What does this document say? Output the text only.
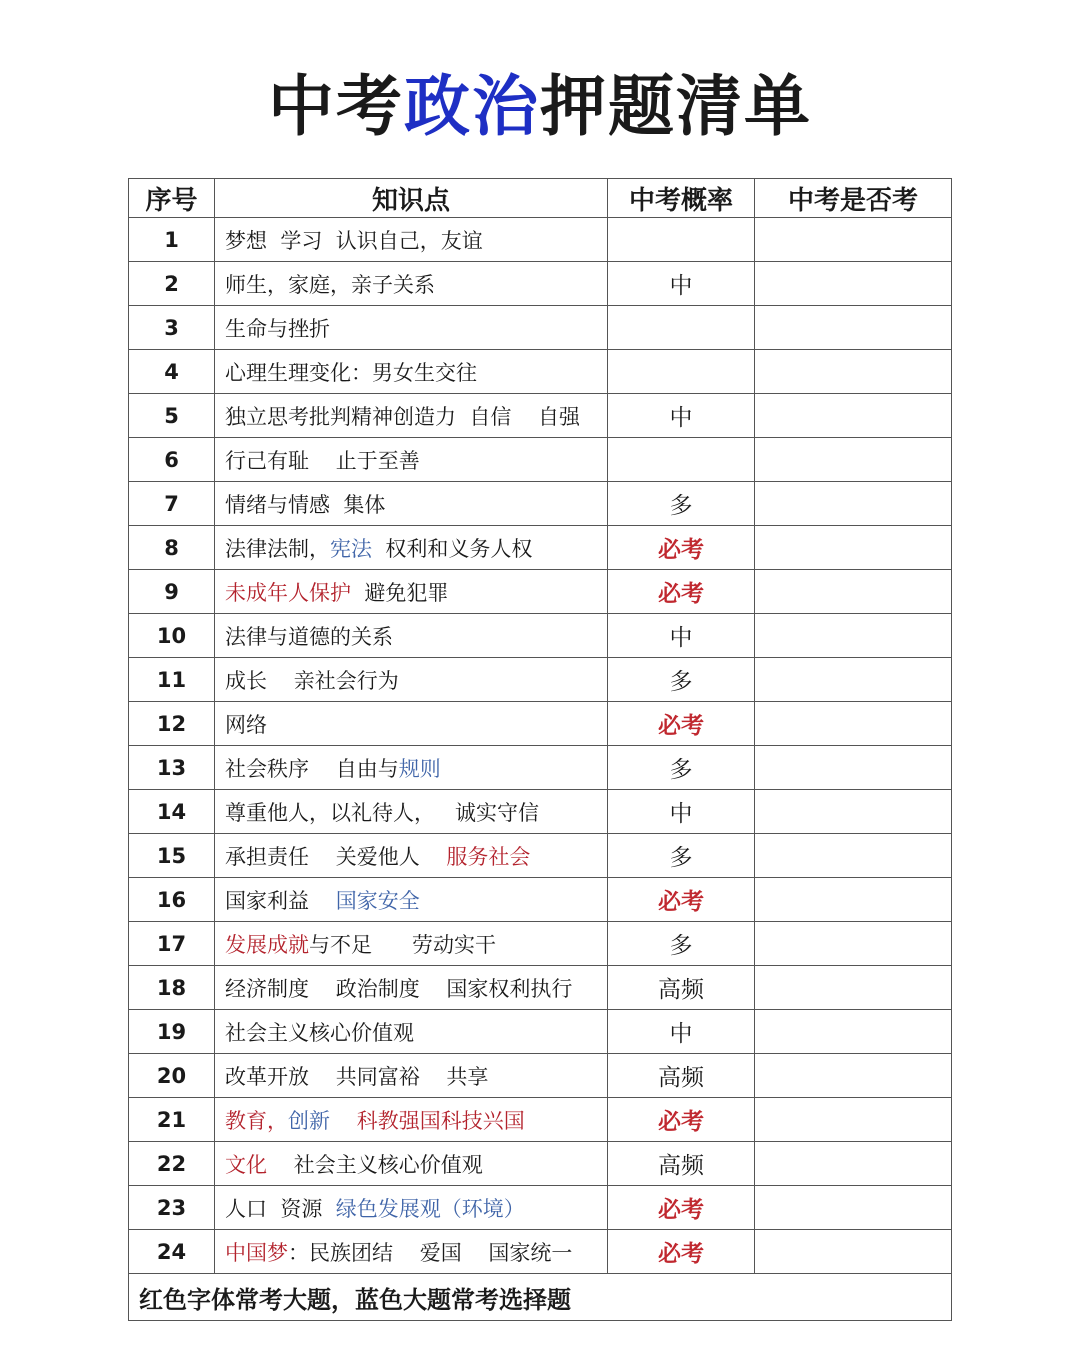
中考政治押题清单
序号	知识点	中考概率	中考是否考
1	梦想  学习  认识自己，友谊		
2	师生，家庭，亲子关系	中	
3	生命与挫折		
4	心理生理变化：男女生交往		
5	独立思考批判精神创造力  自信    自强	中	
6	行己有耻    止于至善		
7	情绪与情感  集体	多	
8	法律法制，宪法  权利和义务人权	必考	
9	未成年人保护  避免犯罪	必考	
10	法律与道德的关系	中	
11	成长    亲社会行为	多	
12	网络	必考	
13	社会秩序    自由与规则	多	
14	尊重他人，以礼待人，   诚实守信	中	
15	承担责任    关爱他人    服务社会	多	
16	国家利益    国家安全	必考	
17	发展成就与不足      劳动实干	多	
18	经济制度    政治制度    国家权利执行	高频	
19	社会主义核心价值观	中	
20	改革开放    共同富裕    共享	高频	
21	教育，创新 科教强国科技兴国	必考	
22	文化    社会主义核心价值观	高频	
23	人口  资源  绿色发展观（环境）	必考	
24	中国梦：民族团结    爱国    国家统一	必考	
红色字体常考大题，蓝色大题常考选择题			
